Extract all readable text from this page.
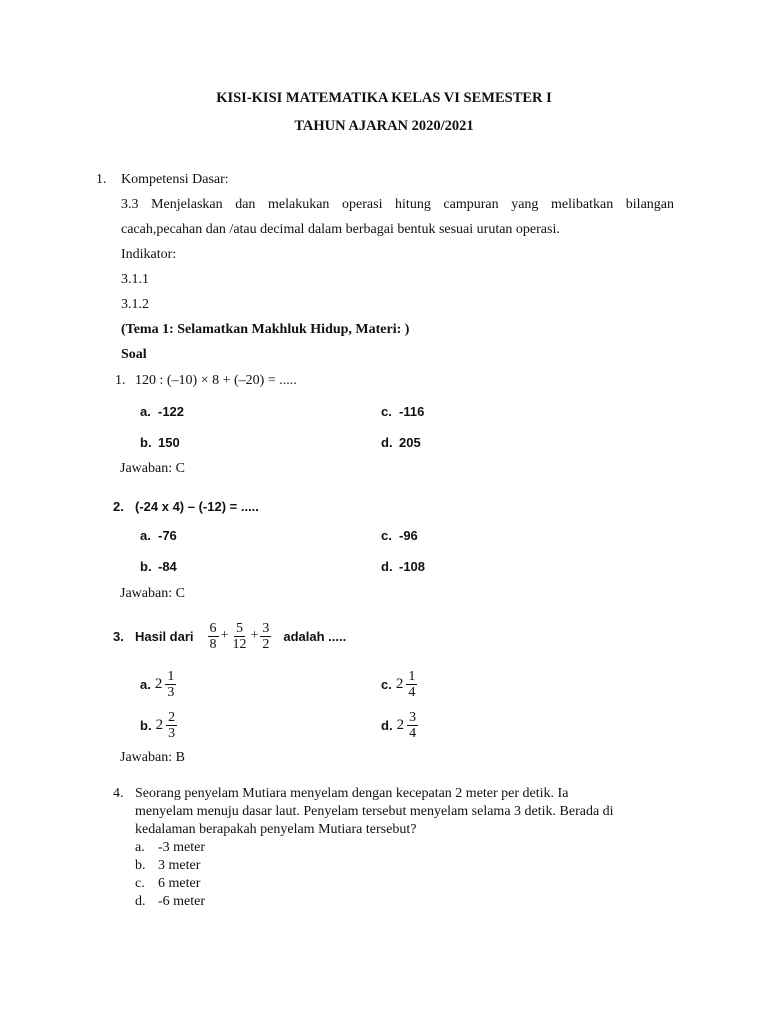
KISI-KISI MATEMATIKA KELAS VI SEMESTER I
TAHUN AJARAN 2020/2021
1. Kompetensi Dasar:
3.3 Menjelaskan dan melakukan operasi hitung campuran yang melibatkan bilangan
cacah,pecahan dan /atau decimal dalam berbagai bentuk sesuai urutan operasi.
Indikator:
3.1.1
3.1.2
(Tema 1: Selamatkan Makhluk Hidup, Materi: )
Soal
1. 120 : (–10) × 8 + (–20) = .....
a. -122	c. -116
b. 150	d. 205
Jawaban: C
2. (-24 x 4) – (-12) = .....
a. -76	c. -96
b. -84	d. -108
Jawaban: C
3. Hasil dari $\frac{6}{8} + \frac{5}{12} + \frac{3}{2}$ adalah .....
a. $2 \frac{1}{3}$	c. $2 \frac{1}{4}$
b. $2 \frac{2}{3}$	d. $2 \frac{3}{4}$
Jawaban: B
4. Seorang penyelam Mutiara menyelam dengan kecepatan 2 meter per detik. Ia
menyelam menuju dasar laut. Penyelam tersebut menyelam selama 3 detik. Berada di
kedalaman berapakah penyelam Mutiara tersebut?
a. -3 meter
b. 3 meter
c. 6 meter
d. -6 meter
